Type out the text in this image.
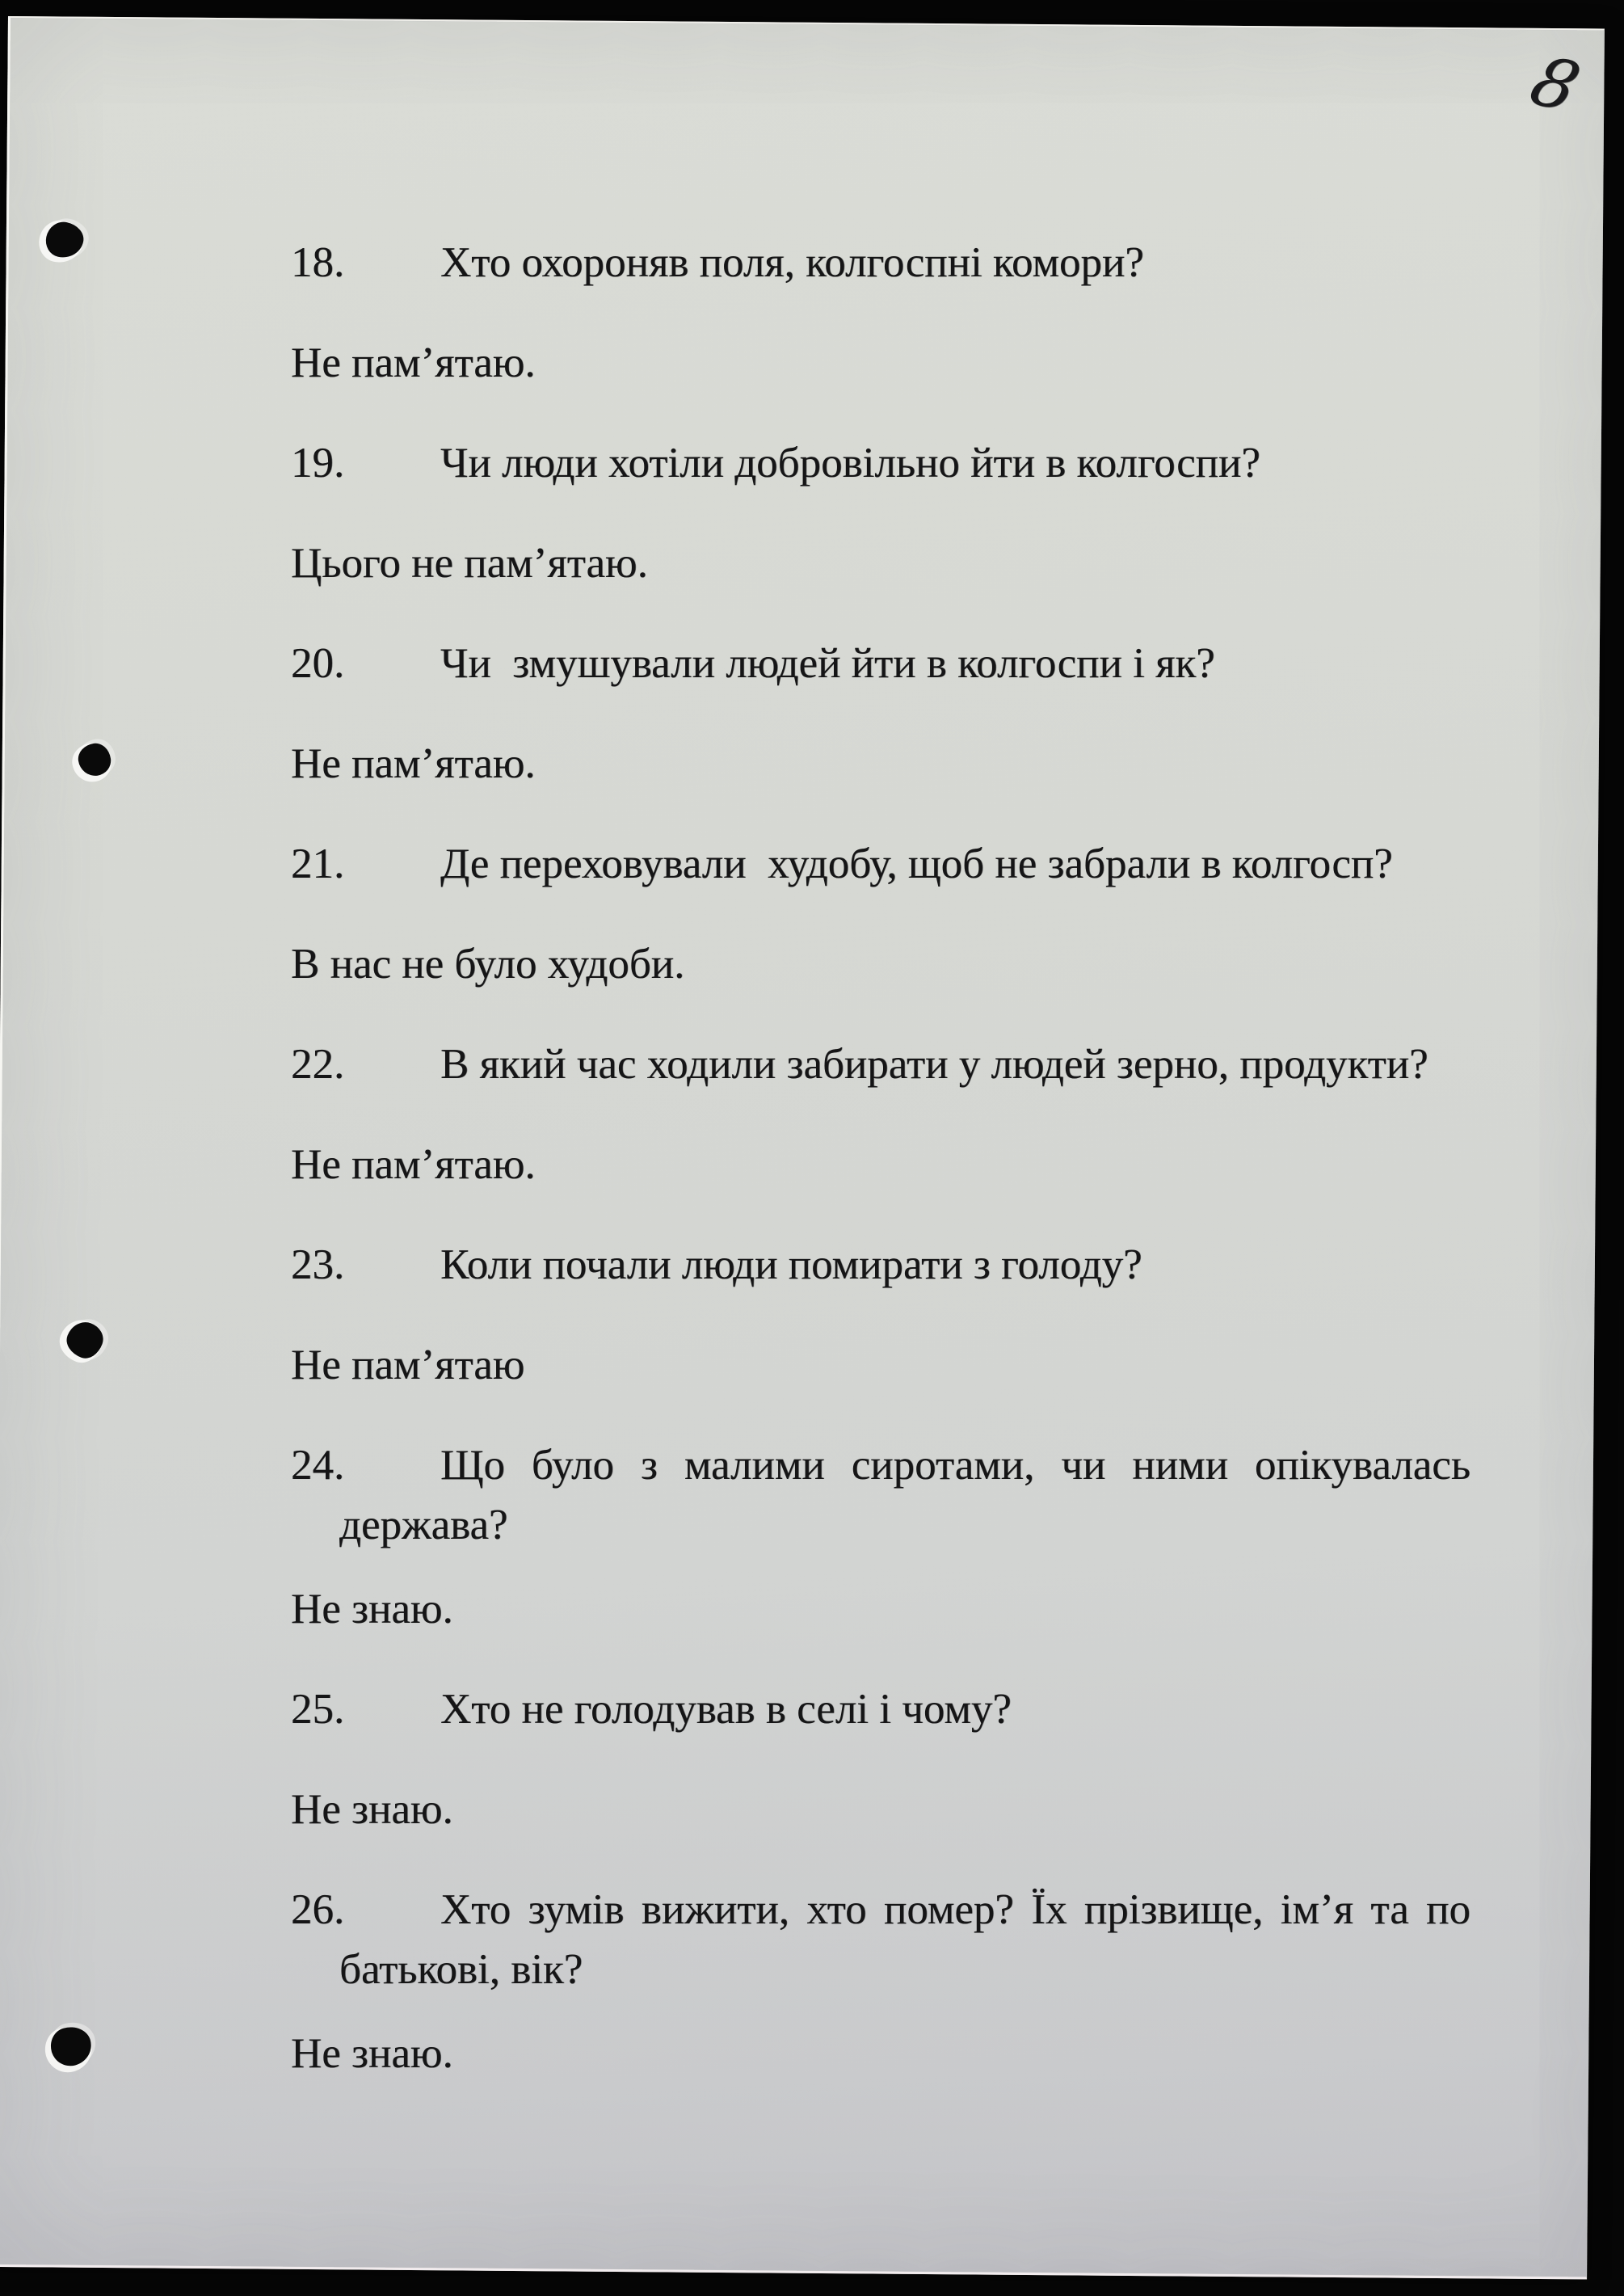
8

18. Хто охороняв поля, колгоспні комори?

Не пам’ятаю.

19. Чи люди хотіли добровільно йти в колгоспи?

Цього не пам’ятаю.

20. Чи  змушували людей йти в колгоспи і як?

Не пам’ятаю.

21. Де переховували  худобу, щоб не забрали в колгосп?

В нас не було худоби.

22. В який час ходили забирати у людей зерно, продукти?

Не пам’ятаю.

23. Коли почали люди помирати з голоду?

Не пам’ятаю

24. Що було з малими сиротами, чи ними опікувалась держава?

Не знаю.

25. Хто не голодував в селі і чому?

Не знаю.

26. Хто зумів вижити, хто помер? Їх прізвище, ім’я та по батькові, вік?

Не знаю.
